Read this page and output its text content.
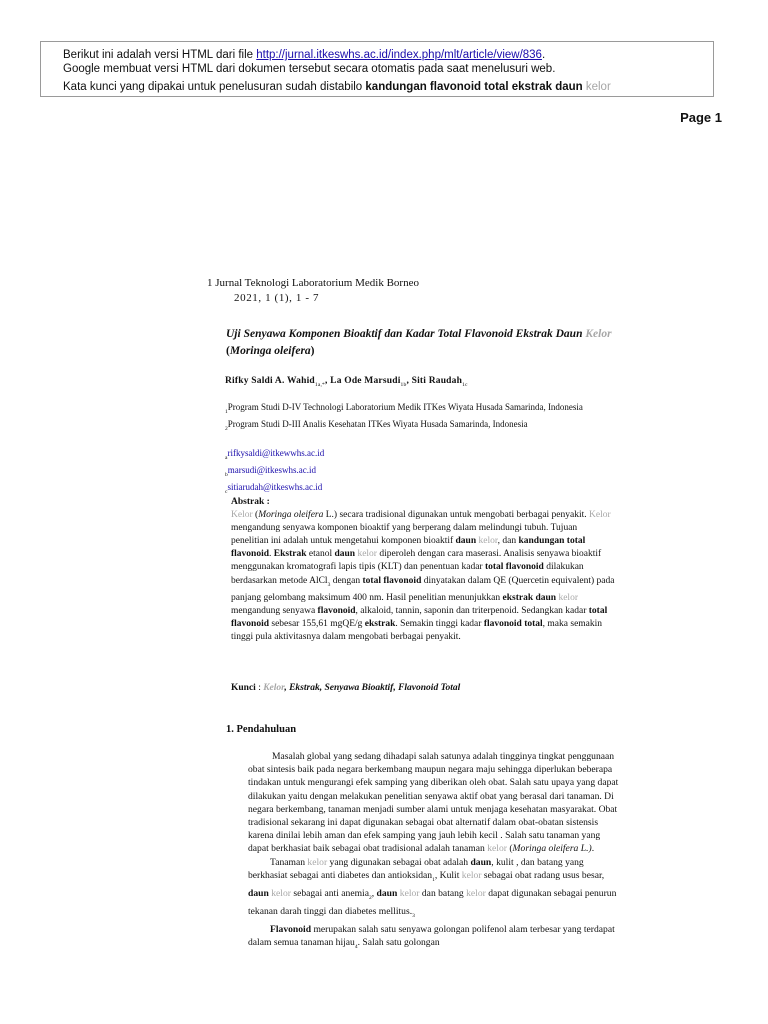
Berikut ini adalah versi HTML dari file http://jurnal.itkeswhs.ac.id/index.php/mlt/article/view/836.

Google membuat versi HTML dari dokumen tersebut secara otomatis pada saat menelusuri web.

Kata kunci yang dipakai untuk penelusuran sudah distabilo kandungan flavonoid total ekstrak daun kelor

Page 1
1 Jurnal Teknologi Laboratorium Medik Borneo
2021, 1 (1), 1 - 7
Uji Senyawa Komponen Bioaktif dan Kadar Total Flavonoid Ekstrak Daun Kelor (Moringa oleifera)
Rifky Saldi A. Wahid$_{1a,*}$, La Ode Marsudi$_{1b}$, Siti Raudah$_{1c}$
$_1$Program Studi D-IV Technologi Laboratorium Medik ITKes Wiyata Husada Samarinda, Indonesia
$_2$Program Studi D-III Analis Kesehatan ITKes Wiyata Husada Samarinda, Indonesia
$_a$rifkysaldi@itkewwhs.ac.id
$_b$marsudi@itkeswhs.ac.id
$_c$sitiarudah@itkeswhs.ac.id
Abstrak :
Kelor (Moringa oleifera L.) secara tradisional digunakan untuk mengobati berbagai penyakit. Kelor mengandung senyawa komponen bioaktif yang berperang dalam melindungi tubuh. Tujuan penelitian ini adalah untuk mengetahui komponen bioaktif daun kelor, dan kandungan total flavonoid. Ekstrak etanol daun kelor diperoleh dengan cara maserasi. Analisis senyawa bioaktif menggunakan kromatografi lapis tipis (KLT) dan penentuan kadar total flavonoid dilakukan berdasarkan metode AlCl$_3$ dengan total flavonoid dinyatakan dalam QE (Quercetin equivalent) pada panjang gelombang maksimum 400 nm. Hasil penelitian menunjukkan ekstrak daun kelor mengandung senyawa flavonoid, alkaloid, tannin, saponin dan triterpenoid. Sedangkan kadar total flavonoid sebesar 155,61 mgQE/g ekstrak. Semakin tinggi kadar flavonoid total, maka semakin tinggi pula aktivitasnya dalam mengobati berbagai penyakit.
Kunci : Kelor, Ekstrak, Senyawa Bioaktif, Flavonoid Total
1. Pendahuluan

Masalah global yang sedang dihadapi salah satunya adalah tingginya tingkat penggunaan obat sintesis baik pada negara berkembang maupun negara maju sehingga diperlukan beberapa tindakan untuk mengurangi efek samping yang diberikan oleh obat. Salah satu upaya yang dapat dilakukan yaitu dengan melakukan penelitian senyawa aktif obat yang berasal dari tanaman. Di negara berkembang, tanaman menjadi sumber alami untuk menjaga kesehatan masyarakat. Obat tradisional sekarang ini dapat digunakan sebagai obat alternatif dalam obat-obatan sistensis karena dinilai lebih aman dan efek samping yang jauh lebih kecil . Salah satu tanaman yang dapat berkhasiat baik sebagai obat tradisional adalah tanaman kelor (Moringa oleifera L.).

Tanaman kelor yang digunakan sebagai obat adalah daun, kulit , dan batang yang berkhasiat sebagai anti diabetes dan antioksidan$_1$, Kulit kelor sebagai obat radang usus besar, daun kelor sebagai anti anemia$_2$, daun kelor dan batang kelor dapat digunakan sebagai penurun tekanan darah tinggi dan diabetes $mellitus._3$

Flavonoid merupakan salah satu senyawa golongan polifenol alam terbesar yang terdapat dalam semua tanaman hijau$_4$. Salah satu golongan
